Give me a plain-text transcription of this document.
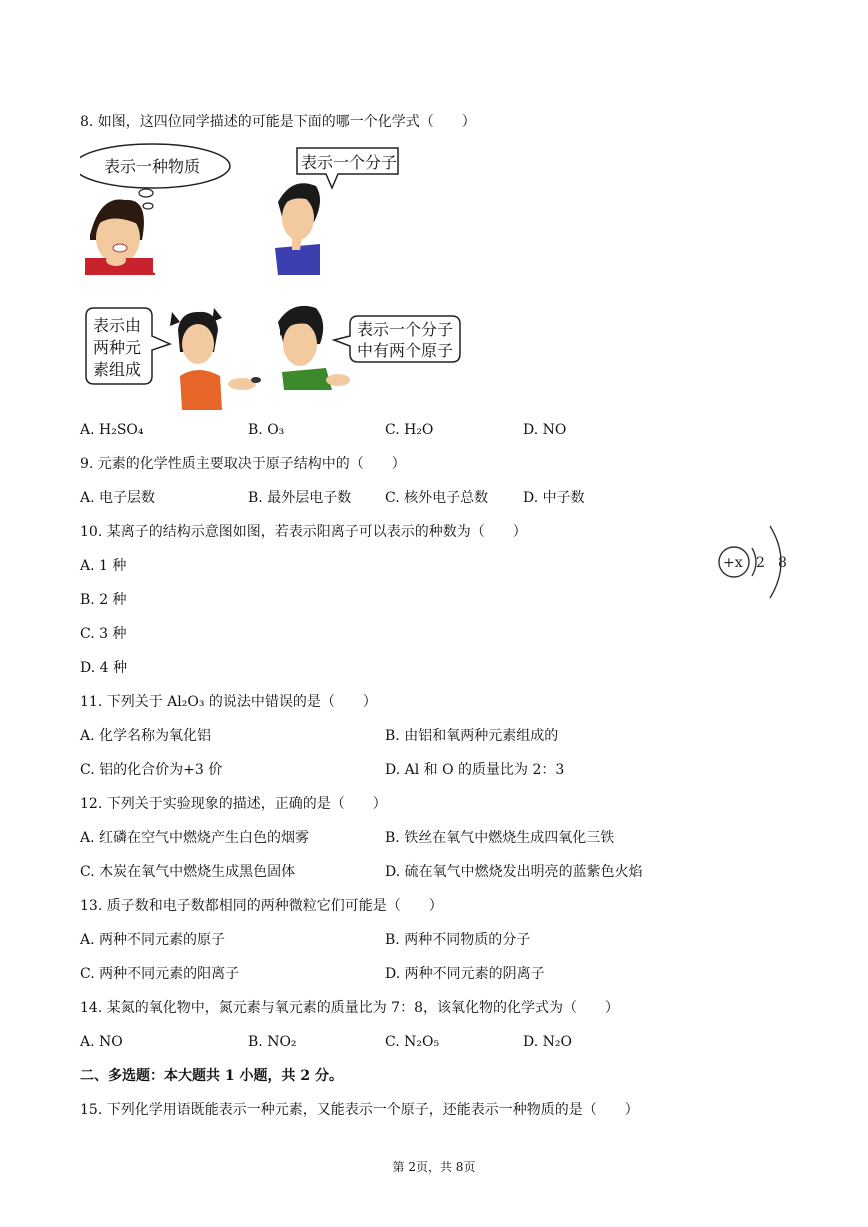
8. 如图，这四位同学描述的可能是下面的哪一个化学式（　　）
表示一种物质	表示一个分子
表示由
两种元
素组成
表示一个分子
中有两个原子
A. H₂SO₄	B. O₃	C. H₂O	D. NO
9. 元素的化学性质主要取决于原子结构中的（　　）
A. 电子层数	B. 最外层电子数 C. 核外电子总数 D. 中子数
10. 某离子的结构示意图如图，若表示阳离子可以表示的种数为（　　）
A. 1 种
B. 2 种
C. 3 种
D. 4 种
+x 2 8
11. 下列关于 Al₂O₃ 的说法中错误的是（　　）
A. 化学名称为氧化铝	B. 由铝和氧两种元素组成的
C. 铝的化合价为+3 价	D. Al 和 O 的质量比为 2：3
12. 下列关于实验现象的描述，正确的是（　　）
A. 红磷在空气中燃烧产生白色的烟雾	B. 铁丝在氧气中燃烧生成四氧化三铁
C. 木炭在氧气中燃烧生成黑色固体	D. 硫在氧气中燃烧发出明亮的蓝紫色火焰
13. 质子数和电子数都相同的两种微粒它们可能是（　　）
A. 两种不同元素的原子	B. 两种不同物质的分子
C. 两种不同元素的阳离子	D. 两种不同元素的阴离子
14. 某氮的氧化物中，氮元素与氧元素的质量比为 7：8，该氧化物的化学式为（　　）
A. NO	B. NO₂	C. N₂O₅	D. N₂O
二、多选题：本大题共 1 小题，共 2 分。
15. 下列化学用语既能表示一种元素，又能表示一个原子，还能表示一种物质的是（　　）
第 2页，共 8页
